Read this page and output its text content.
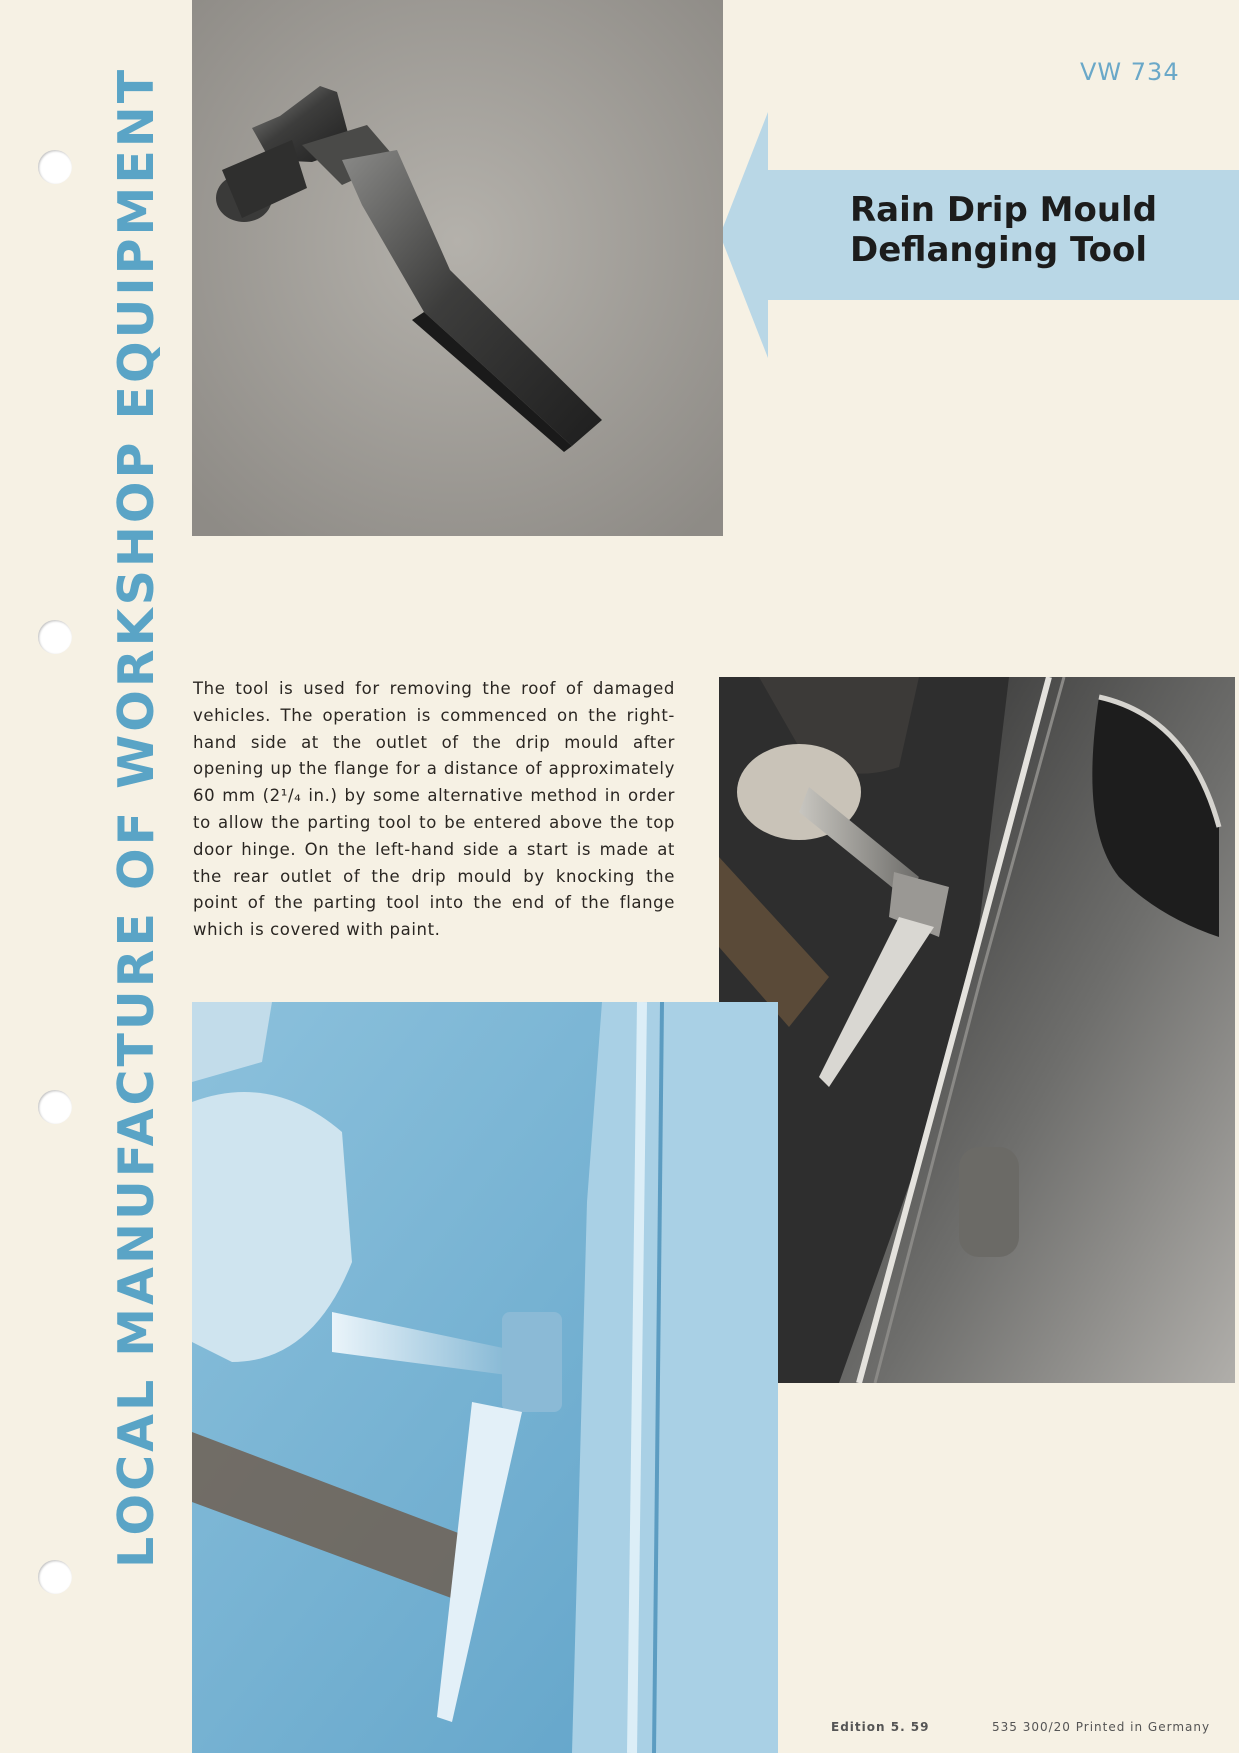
LOCAL MANUFACTURE OF WORKSHOP EQUIPMENT	VW 734
Rain Drip Mould
Deflanging Tool
The tool is used for removing the roof of damaged vehicles. The operation is commenced on the right-hand side at the outlet of the drip mould after opening up the flange for a distance of approximately 60 mm (2¹/₄ in.) by some alternative method in order to allow the parting tool to be entered above the top door hinge. On the left-hand side a start is made at the rear outlet of the drip mould by knocking the point of the parting tool into the end of the flange which is covered with paint.
Edition 5. 59	535 300/20 Printed in Germany
